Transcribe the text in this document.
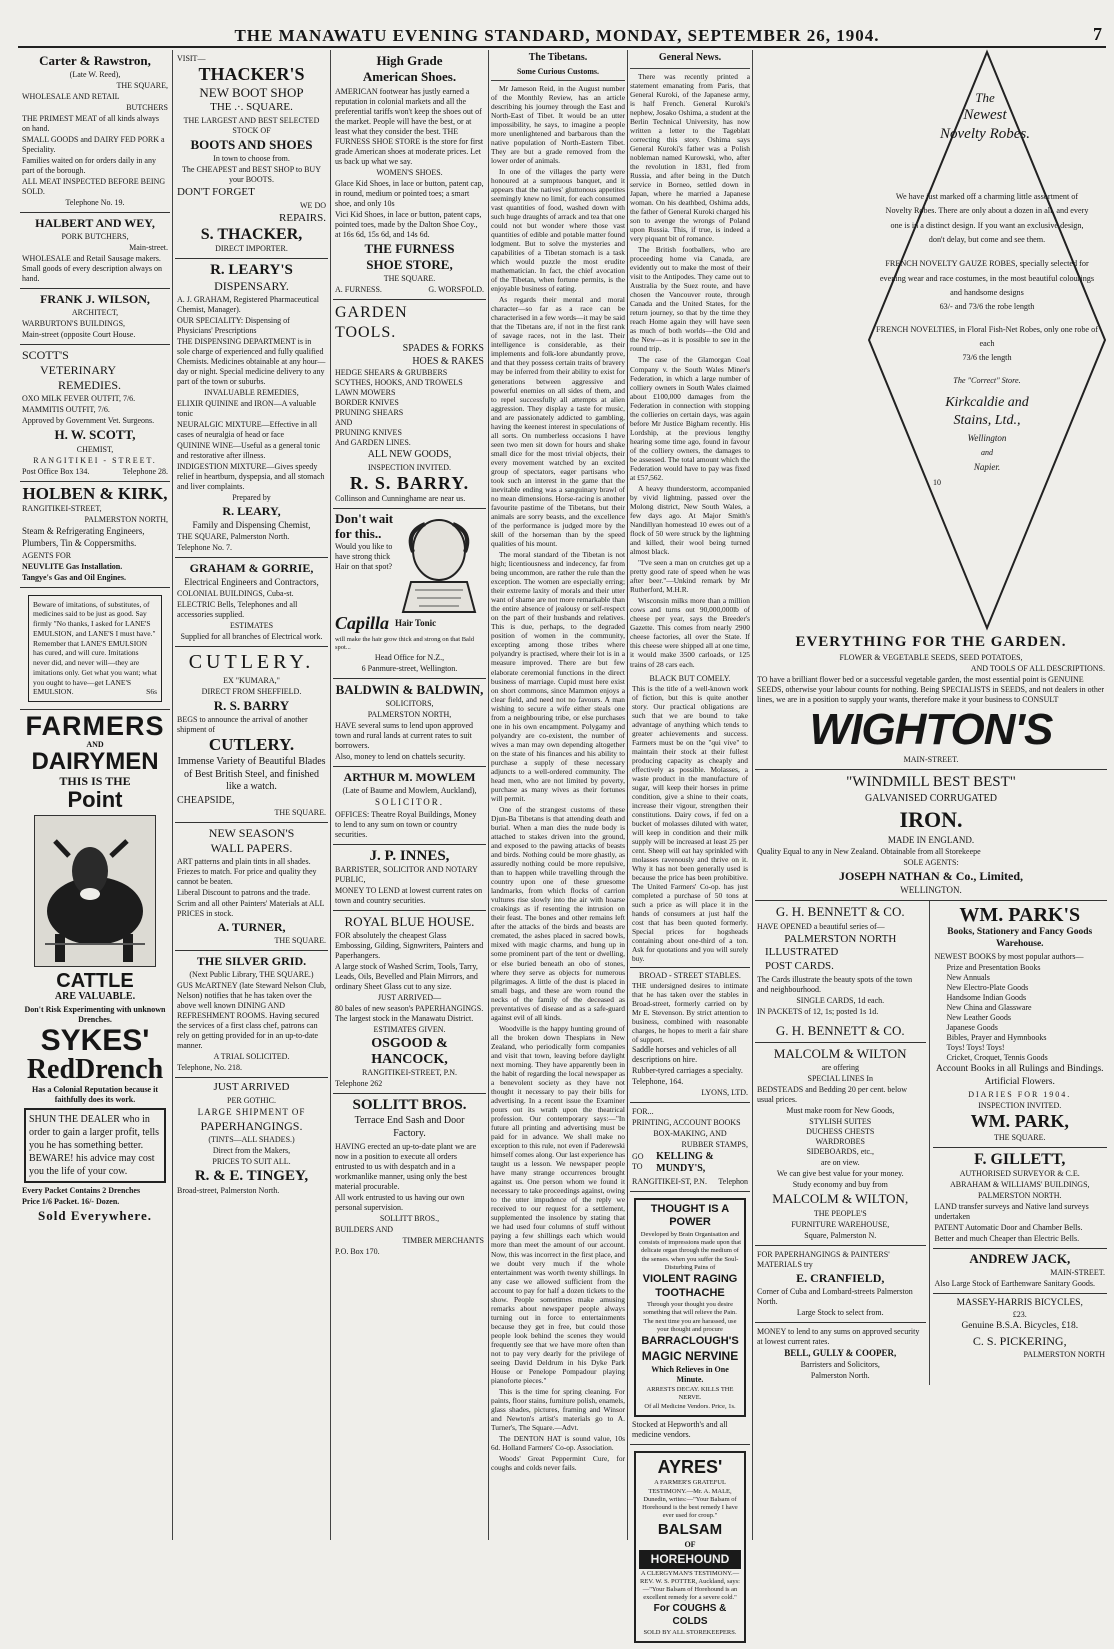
THE MANAWATU EVENING STANDARD, MONDAY, SEPTEMBER 26, 1904.	7
Carter & Rawstron,

(Late W. Reed),

THE SQUARE,

WHOLESALE AND RETAIL

BUTCHERS

THE PRIMEST MEAT of all kinds always on hand.

SMALL GOODS and DAIRY FED PORK a Speciality.

Families waited on for orders daily in any part of the borough.

ALL MEAT INSPECTED BEFORE BEING SOLD.

Telephone No. 19.

HALBERT AND WEY,

PORK BUTCHERS,

Main-street.

WHOLESALE and Retail Sausage makers. Small goods of every description always on hand.

FRANK J. WILSON,

ARCHITECT,

WARBURTON'S BUILDINGS,

Main-street (opposite Court House.

SCOTT'S
VETERINARY
REMEDIES.

OXO MILK FEVER OUTFIT, 7/6.

MAMMITIS OUTFIT, 7/6.

Approved by Government Vet. Surgeons.

H. W. SCOTT,

CHEMIST,

RANGITIKEI - STREET.

Post Office Box 134.	Telephone 28.

HOLBEN & KIRK,

RANGITIKEI-STREET,

PALMERSTON NORTH,

Steam & Refrigerating Engineers,

Plumbers, Tin & Coppersmiths.

AGENTS FOR

NEUVLITE Gas Installation.

Tangye's Gas and Oil Engines.

Beware of imitations, of substitutes, of medicines said to be just as good. Say firmly "No thanks, I asked for LANE'S EMULSION, and LANE'S I must have." Remember that LANE'S EMULSION has cured, and will cure. Imitations never did, and never will—they are imitations only. Get what you want; what you ought to have—get LANE'S EMULSION.	S6s
FARMERS
AND
DAIRYMEN
THIS IS THE
Point
CATTLE
ARE VALUABLE.

Don't Risk Experimenting with unknown Drenches.

SYKES'
RedDrench

Has a Colonial Reputation because it faithfully does its work.

SHUN THE DEALER who in order to gain a larger profit, tells you he has something better. BEWARE! his advice may cost you the life of your cow.

Every Packet Contains 2 Drenches

Price 1/6 Packet. 16/- Dozen.

Sold Everywhere.

VISIT—

THACKER'S
NEW BOOT SHOP
THE .·. SQUARE.

THE LARGEST AND BEST SELECTED STOCK OF

BOOTS AND SHOES

In town to choose from.

The CHEAPEST and BEST SHOP to BUY your BOOTS.

DON'T FORGET

WE DO

REPAIRS.
S. THACKER,

DIRECT IMPORTER.

R. LEARY'S
DISPENSARY.

A. J. GRAHAM, Registered Pharmaceutical Chemist, Manager).

OUR SPECIALITY: Dispensing of Physicians' Prescriptions

THE DISPENSING DEPARTMENT is in sole charge of experienced and fully qualified Chemists. Medicines obtainable at any hour—day or night. Special medicine delivery to any part of the town or suburbs.

INVALUABLE REMEDIES,

ELIXIR QUININE and IRON—A valuable tonic

NEURALGIC MIXTURE—Effective in all cases of neuralgia of head or face

QUININE WINE—Useful as a general tonic and restorative after illness.

INDIGESTION MIXTURE—Gives speedy relief in heartburn, dyspepsia, and all stomach and liver complaints.

Prepared by

R. LEARY,

Family and Dispensing Chemist,

THE SQUARE, Palmerston North.

Telephone No. 7.

GRAHAM & GORRIE,

Electrical Engineers and Contractors,

COLONIAL BUILDINGS, Cuba-st.

ELECTRIC Bells, Telephones and all accessories supplied.

ESTIMATES

Supplied for all branches of Electrical work.

CUTLERY.

EX "KUMARA,"

DIRECT FROM SHEFFIELD.

R. S. BARRY

BEGS to announce the arrival of another shipment of

CUTLERY.

Immense Variety of Beautiful Blades of Best British Steel, and finished like a watch.

CHEAPSIDE,

THE SQUARE.

NEW SEASON'S
WALL PAPERS.

ART patterns and plain tints in all shades. Friezes to match. For price and quality they cannot be beaten.

Liberal Discount to patrons and the trade.

Scrim and all other Painters' Materials at ALL PRICES in stock.

A. TURNER,

THE SQUARE.

THE SILVER GRID.

(Next Public Library, THE SQUARE.)

GUS McARTNEY (late Steward Nelson Club, Nelson) notifies that he has taken over the above well known DINING AND REFRESHMENT ROOMS. Having secured the services of a first class chef, patrons can rely on getting provided for in an up-to-date manner.

A TRIAL SOLICITED.

Telephone, No. 218.

JUST ARRIVED

PER GOTHIC.

LARGE SHIPMENT OF

PAPERHANGINGS.

(TINTS—ALL SHADES.)

Direct from the Makers,

PRICES TO SUIT ALL.

R. & E. TINGEY,

Broad-street, Palmerston North.

High Grade
American Shoes.

AMERICAN footwear has justly earned a reputation in colonial markets and all the preferential tariffs won't keep the shoes out of the market. People will have the best, or at least what they consider the best. THE FURNESS SHOE STORE is the store for first grade American shoes at moderate prices. Let us back up what we say.

WOMEN'S SHOES.

Glace Kid Shoes, in lace or button, patent cap, in round, medium or pointed toes; a smart shoe, and only 10s

Vici Kid Shoes, in lace or button, patent caps, pointed toes, made by the Dalton Shoe Coy., at 16s 6d, 15s 6d, and 14s 6d.

THE FURNESS
SHOE STORE,

THE SQUARE.

A. FURNESS.	G. WORSFOLD.

GARDEN
TOOLS.
SPADES & FORKS
HOES & RAKES
HEDGE SHEARS & GRUBBERS
SCYTHES, HOOKS, AND TROWELS
LAWN MOWERS
BORDER KNIVES
PRUNING SHEARS
AND
PRUNING KNIVES
And GARDEN LINES.

ALL NEW GOODS,

INSPECTION INVITED.

R. S. BARRY.

Collinson and Cunninghame are near us.

Don't wait for this..

Would you like to have strong thick Hair on that spot?

Capilla Hair Tonic

will make the hair grow thick and strong on that Bald spot...

Head Office for N.Z.,

6 Panmure-street, Wellington.

BALDWIN & BALDWIN,

SOLICITORS,

PALMERSTON NORTH,

HAVE several sums to lend upon approved town and rural lands at current rates to suit borrowers.

Also, money to lend on chattels security.

ARTHUR M. MOWLEM

(Late of Baume and Mowlem, Auckland),

SOLICITOR.

OFFICES: Theatre Royal Buildings, Money to lend to any sum on town or country securities.

J. P. INNES,

BARRISTER, SOLICITOR AND NOTARY PUBLIC,

MONEY TO LEND at lowest current rates on town and country securities.

ROYAL BLUE HOUSE.

FOR absolutely the cheapest Glass Embossing, Gilding, Signwriters, Painters and Paperhangers.

A large stock of Washed Scrim, Tools, Tarry, Leads, Oils, Bevelled and Plain Mirrors, and ordinary Sheet Glass cut to any size.

JUST ARRIVED—

80 bales of new season's PAPERHANGINGS. The largest stock in the Manawatu District.

ESTIMATES GIVEN.

OSGOOD & HANCOCK,

RANGITIKEI-STREET, P.N.

Telephone 262

SOLLITT BROS.

Terrace End Sash and Door

Factory.

HAVING erected an up-to-date plant we are now in a position to execute all orders entrusted to us with despatch and in a workmanlike manner, using only the best material procurable.

All work entrusted to us having our own personal supervision.

SOLLITT BROS.,

BUILDERS AND

TIMBER MERCHANTS

P.O. Box 170.

The Tibetans.
Some Curious Customs.

Mr Jameson Reid, in the August number of the Monthly Review, has an article describing his journey through the East and North-East of Tibet. It would be an utter impossibility, he says, to imagine a people more unenlightened and barbarous than the native population of North-Eastern Tibet. They are but a grade removed from the lower order of animals.

In one of the villages the party were honoured at a sumptuous banquet, and it appears that the natives' gluttonous appetites seemingly knew no limit, for each consumed vast quantities of food, washed down with such huge draughts of arrack and tea that one could not but wonder where those vast quantities of edible and potable matter found lodgment. But to solve the mysteries and capabilities of a Tibetan stomach is a task which would puzzle the most erudite mathematician. In fact, the chief avocation of the Tibetan, when fortune permits, is the enjoyable business of eating.

As regards their mental and moral character—so far as a race can be characterised in a few words—it may be said that the Tibetans are, if not in the first rank of savage races, not in the last. Their intelligence is considerable, as their implements and folk-lore abundantly prove, and that they possess certain traits of bravery may be inferred from their ability to exist for generations between aggressive and powerful enemies on all sides of them, and to repel successfully all attempts at alien aggression. They display a taste for music, and are passionately addicted to gambling, having the keenest interest in speculations of all sorts. On numberless occasions I have seen two men sit down for hours and shake small dice for the most trivial objects, their every movement watched by an excited group of spectators, eager partisans who took such an interest in the game that the inevitable ending was a sanguinary brawl of no mean dimensions. Horse-racing is another favourite pastime of the Tibetans, but their animals are sorry beasts, and the excellence of the performance is judged more by the skill of the horseman than by the speed qualities of his mount.

The moral standard of the Tibetan is not high; licentiousness and indecency, far from being uncommon, are rather the rule than the exception. The women are especially erring; their extreme laxity of morals and their utter want of shame are not more remarkable than the entire absence of jealousy or self-respect on the part of their husbands and relatives. This is due, perhaps, to the degraded position of women in the community, excepting among those tribes where polyandry is practised, where their lot is in a measure improved. There are but few elaborate ceremonial functions in the direct business of marriage. Cupid must here exist on short commons, since Mammon enjoys a clear field, and need not no favours. A man wishing to secure a wife either steals one from a neighbouring tribe, or else purchases one in his own encampment. Polygamy and polyandry are co-existent, the number of wives a man may own depending altogether on the state of his finances and his ability to purchase a supply of these necessary adjuncts to a well-ordered community. The head men, who are not limited by poverty, purchase as many wives as their fortunes will permit.

One of the strangest customs of these Djun-Ba Tibetans is that attending death and burial. When a man dies the nude body is attached to stakes driven into the ground, and exposed to the pawing attacks of beasts and birds. Nothing could be more ghastly, as assuredly nothing could be more repulsive, than to happen while travelling through the country upon one of these gruesome landmarks, from which flocks of carrion vultures rise slowly into the air with hoarse croakings as if resenting the intrusion on their feast. The bones and other remains left after the attacks of the birds and beasts are cremated, the ashes placed in sacred bowls, mixed with magic charms, and hung up in some prominent part of the tent or dwelling, or else buried beneath an obo of stones, where they serve as objects for numerous pilgrimages. A little of the dust is placed in small bags, and these are worn round the necks of the family of the deceased as preventatives of disease and as a safe-guard against evil of all kinds.

Woodville is the happy hunting ground of all the broken down Thespians in New Zealand, who periodically form companies and visit that town, leaving before daylight next morning. They have apparently been in the habit of regarding the local newspaper as a benevolent society as they have not thought it necessary to pay their bills for advertising. In a recent issue the Examiner pours out its wrath upon the theatrical profession. Our contemporary says:—"In future all printing and advertising must be paid for in advance. We shall make no exception to this rule, not even if Paderewski himself comes along. Our last experience has taught us a lesson. We newspaper people have many strange occurrences brought against us. One person whom we found it necessary to take proceedings against, owing to the utter impudence of the reply we received to our request for a settlement, supplemented the insolence by stating that we had used four columns of stuff without paying a few shillings each which would more than meet the amount of our account. Now, this was incorrect in the first place, and we doubt very much if the whole entertainment was worth twenty shillings. In any case we allowed sufficient from the account to pay for half a dozen tickets to the show. People sometimes make amusing remarks about newspaper people always turning out in force to entertainments because they get in free, but could those people look behind the scenes they would frequently see that we have more often than not to pay very dearly for the privilege of seeing David Deldrum in his Dyke Park House or Penelope Pompadour playing pianoforte pieces."

This is the time for spring cleaning. For paints, floor stains, furniture polish, enamels, glass shades, pictures, framing and Winsor and Newton's artist's materials go to A. Turner's, The Square.—Advt.

The DENTON HAT is sound value, 10s 6d. Holland Farmers' Co-op. Association.

Woods' Great Peppermint Cure, for coughs and colds never fails.

General News.

There was recently printed a statement emanating from Paris, that General Kuroki, of the Japanese army, is half French. General Kuroki's nephew, Josako Oshima, a student at the Berlin Technical University, has now written a letter to the Tageblatt correcting this story. Oshima says General Kuroki's father was a Polish nobleman named Kurowski, who, after the revolution in 1831, fled from Russia, and after being in the Dutch service in Borneo, settled down in Japan, where he married a Japanese woman. On his deathbed, Oshima adds, the father of General Kuroki charged his son to avenge the wrongs of Poland upon Russia. This, if true, is indeed a very piquant bit of romance.

The British footballers, who are proceeding home via Canada, are evidently out to make the most of their visit to the Antipodes. They came out to Australia by the Suez route, and have chosen the Vancouver route, through Canada and the United States, for the return journey, so that by the time they reach Home again they will have seen as much of both worlds—the Old and the New—as it is possible to see in the round trip.

The case of the Glamorgan Coal Company v. the South Wales Miner's Federation, in which a large number of colliery owners in South Wales claimed about £100,000 damages from the Federation in connection with stopping the collieries on certain days, was again before Mr Justice Bigham recently. His Lordship, at the previous lengthy hearing some time ago, found in favour of the colliery owners, the damages to be assessed. The total amount which the Federation would have to pay was fixed at £57,562.

A heavy thunderstorm, accompanied by vivid lightning, passed over the Molong district, New South Wales, a few days ago. At Major Smith's Nandillyan homestead 10 ewes out of a flock of 50 were struck by the lightning and killed, their wool being turned almost black.

"I've seen a man on crutches get up a pretty good rate of speed when he was after beer."—Unkind remark by Mr Rutherford, M.H.R.

Wisconsin milks more than a million cows and turns out 90,000,000lb of cheese per year, says the Breeder's Gazette. This comes from nearly 2900 cheese factories, all over the State. If this cheese were shipped all at one time, it would make 3500 carloads, or 125 trains of 28 cars each.

BLACK BUT COMELY.
This is the title of a well-known work of fiction, but this is quite another story. Our practical obligations are such that we are bound to take advantage of anything which tends to greater achievements and success. Farmers must be on the "qui vive" to maintain their stock at their fullest producing capacity as cheaply and effectively as possible. Molasses, a waste product in the manufacture of sugar, will keep their horses in prime condition, give a shine to their coats, increase their vigour, strengthen their constitutions. Dairy cows, if fed on a bucket of molasses diluted with water, will keep in condition and their milk supply will be increased at least 25 per cent. Sheep will eat hay sprinkled with molasses ravenously and thrive on it. Why it has not been generally used is because the price has been prohibitive. The United Farmers' Co-op. has just completed a purchase of 50 tons at such a price as will place it in the hands of consumers at just half the cost that has been quoted formerly. Special prices for hogsheads containing about one-third of a ton. Ask for quotations and you will surely buy.
BROAD - STREET STABLES.
THE undersigned desires to intimate that he has taken over the stables in Broad-street, formerly carried on by Mr E. Stevenson. By strict attention to business, combined with reasonable charges, he hopes to merit a fair share of support.

Saddle horses and vehicles of all descriptions on hire.

Rubber-tyred carriages a specialty.

Telephone, 164.

LYONS, LTD.

FOR...

PRINTING, ACCOUNT BOOKS

BOX-MAKING, AND

RUBBER STAMPS,

GO TO
KELLING & MUNDY'S,

RANGITIKEI-ST, P.N. Telephon

THOUGHT IS A POWER

Developed by Brain Organisation and consists of impressions made upon that delicate organ through the medium of the senses. when you suffer the Soul-Disturbing Pains of

VIOLENT RAGING
TOOTHACHE

Through your thought you desire something that will relieve the Pain. The next time you are harassed, use your thought and procure

BARRACLOUGH'S
MAGIC NERVINE

Which Relieves in One Minute.

ARRESTS DECAY. KILLS THE NERVE.

Of all Medicine Vendors. Price, 1s.

Stocked at Hepworth's and all medicine vendors.

AYRES'

A FARMER'S GRATEFUL TESTIMONY.—Mr. A. MALE, Dunedin, writes:—"Your Balsam of Horehound is the best remedy I have ever used for croup."

BALSAM
OF
HOREHOUND

A CLERGYMAN'S TESTIMONY.—REV. W. S. POTTER, Auckland, says:—"Your Balsam of Horehound is an excellent remedy for a severe cold."

For COUGHS & COLDS

SOLD BY ALL STOREKEEPERS.

The
Newest
Novelty Robes.

We have just marked off a charming little assortment of Novelty Robes. There are only about a dozen in all, and every one is in a distinct design. If you want an exclusive design, don't delay, but come and see them.

FRENCH NOVELTY GAUZE ROBES, specially selected for evening wear and race costumes, in the most beautiful colourings and handsome designs

63/- and 73/6 the robe length

FRENCH NOVELTIES, in Floral Fish-Net Robes, only one robe of each

73/6 the length

The "Correct" Store.

Kirkcaldie and
Stains, Ltd.,
Wellington
and
Napier.
10
EVERYTHING FOR THE GARDEN.

FLOWER & VEGETABLE SEEDS, SEED POTATOES,

AND TOOLS OF ALL DESCRIPTIONS.

TO have a brilliant flower bed or a successful vegetable garden, the most essential point is GENUINE SEEDS, otherwise your labour counts for nothing. Being SPECIALISTS in SEEDS, and not dealers in other lines, we are in a position to supply your wants, therefore make it your business to CONSULT

WIGHTON'S

MAIN-STREET.

"WINDMILL BEST BEST"

GALVANISED CORRUGATED

IRON.

MADE IN ENGLAND.

Quality Equal to any in New Zealand. Obtainable from all Storekeepe

SOLE AGENTS:

JOSEPH NATHAN & Co., Limited,

WELLINGTON.

G. H. BENNETT & CO.

HAVE OPENED a beautiful series of—

PALMERSTON NORTH
ILLUSTRATED
POST CARDS.

The Cards illustrate the beauty spots of the town and neighbourhood.

SINGLE CARDS, 1d each.

IN PACKETS of 12, 1s; posted 1s 1d.

G. H. BENNETT & CO.
MALCOLM & WILTON

are offering

SPECIAL LINES In

BEDSTEADS and Bedding 20 per cent. below usual prices.

Must make room for New Goods,

STYLISH SUITES
DUCHESS CHESTS
WARDROBES
SIDEBOARDS, etc.,

are on view.

We can give best value for your money.

Study economy and buy from

MALCOLM & WILTON,

THE PEOPLE'S

FURNITURE WAREHOUSE,

Square, Palmerston N.

FOR PAPERHANGINGS & PAINTERS' MATERIALS try

E. CRANFIELD,

Corner of Cuba and Lombard-streets Palmerston North.

Large Stock to select from.

MONEY to lend to any sums on approved security at lowest current rates.

BELL, GULLY & COOPER,

Barristers and Solicitors,

Palmerston North.

WM. PARK'S

Books, Stationery and Fancy Goods Warehouse.

NEWEST BOOKS by most popular authors—

Prize and Presentation Books
New Annuals
New Electro-Plate Goods
Handsome Indian Goods
New China and Glassware
New Leather Goods
Japanese Goods
Bibles, Prayer and Hymnbooks
Toys! Toys! Toys!
Cricket, Croquet, Tennis Goods

Account Books in all Rulings and Bindings.

Artificial Flowers.

DIARIES FOR 1904.

INSPECTION INVITED.

WM. PARK,

THE SQUARE.

F. GILLETT,

AUTHORISED SURVEYOR & C.E.

ABRAHAM & WILLIAMS' BUILDINGS,

PALMERSTON NORTH.

LAND transfer surveys and Native land surveys undertaken

PATENT Automatic Door and Chamber Bells.

Better and much Cheaper than Electric Bells.

ANDREW JACK,

MAIN-STREET.

Also Large Stock of Earthenware Sanitary Goods.

MASSEY-HARRIS BICYCLES,

£23.

Genuine B.S.A. Bicycles, £18.

C. S. PICKERING,

PALMERSTON NORTH
